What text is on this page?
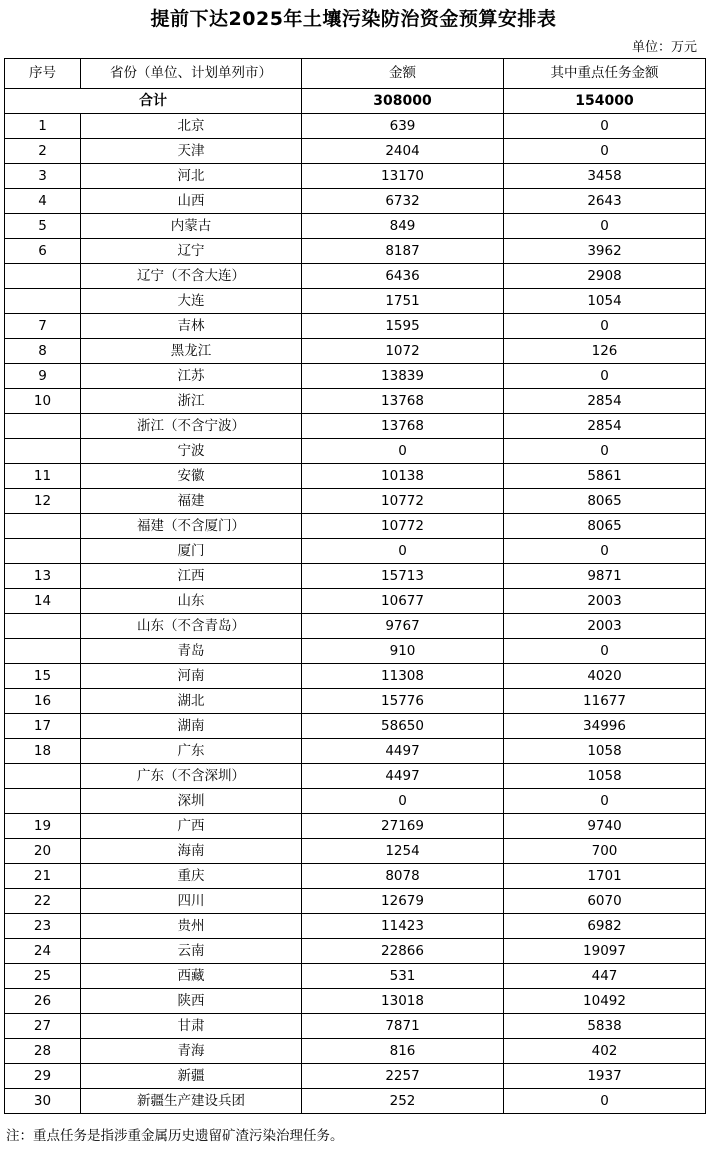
提前下达2025年土壤污染防治资金预算安排表
单位：万元
序号	省份（单位、计划单列市）	金额	其中重点任务金额
合计		308000	154000
1	北京	639	0
2	天津	2404	0
3	河北	13170	3458
4	山西	6732	2643
5	内蒙古	849	0
6	辽宁	8187	3962
	辽宁（不含大连）	6436	2908
	大连	1751	1054
7	吉林	1595	0
8	黑龙江	1072	126
9	江苏	13839	0
10	浙江	13768	2854
	浙江（不含宁波）	13768	2854
	宁波	0	0
11	安徽	10138	5861
12	福建	10772	8065
	福建（不含厦门）	10772	8065
	厦门	0	0
13	江西	15713	9871
14	山东	10677	2003
	山东（不含青岛）	9767	2003
	青岛	910	0
15	河南	11308	4020
16	湖北	15776	11677
17	湖南	58650	34996
18	广东	4497	1058
	广东（不含深圳）	4497	1058
	深圳	0	0
19	广西	27169	9740
20	海南	1254	700
21	重庆	8078	1701
22	四川	12679	6070
23	贵州	11423	6982
24	云南	22866	19097
25	西藏	531	447
26	陕西	13018	10492
27	甘肃	7871	5838
28	青海	816	402
29	新疆	2257	1937
30	新疆生产建设兵团	252	0
注：重点任务是指涉重金属历史遗留矿渣污染治理任务。
